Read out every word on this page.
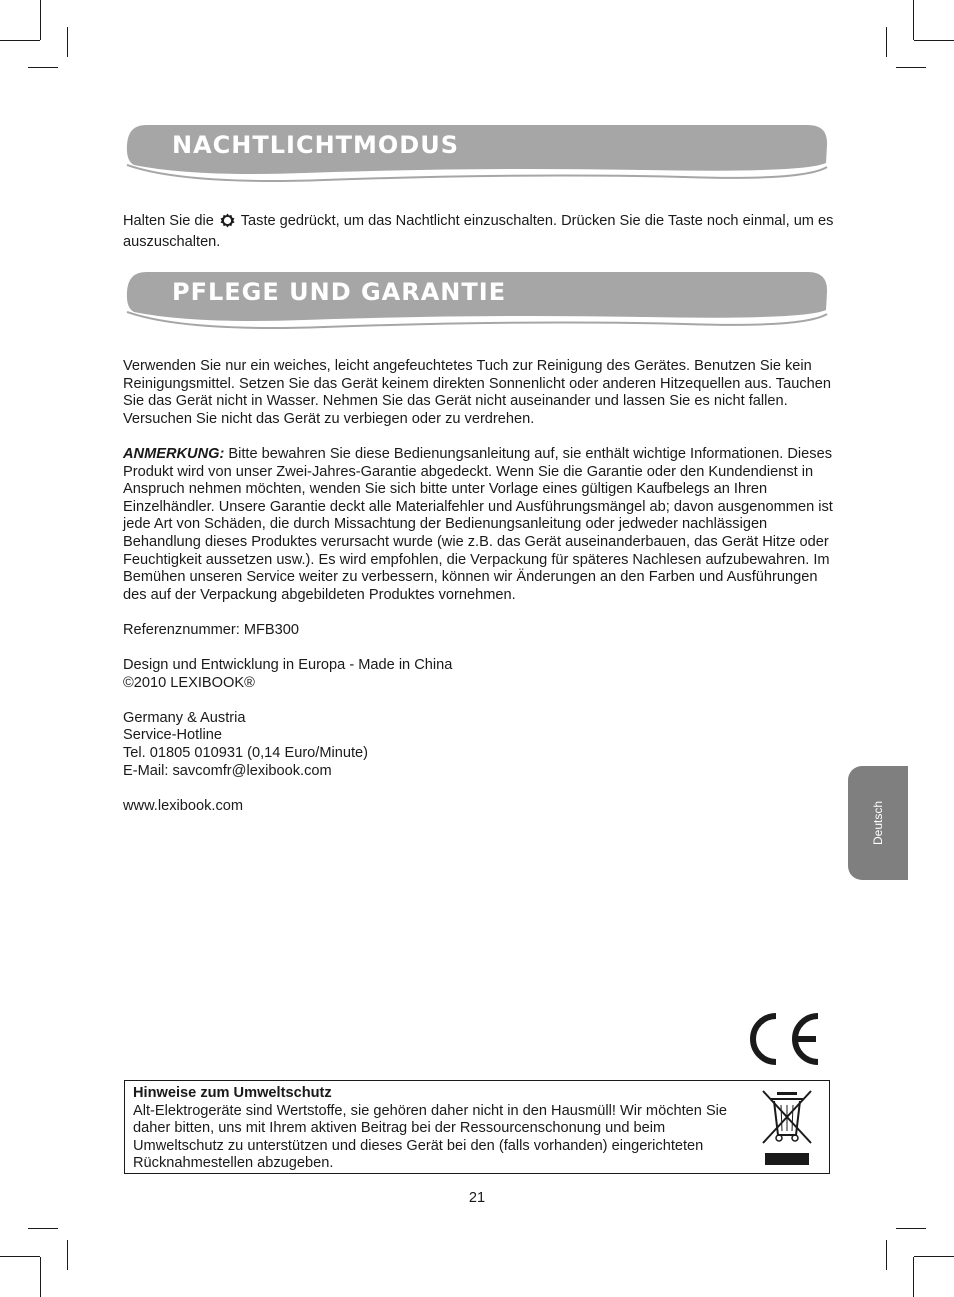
NACHTLICHTMODUS

Halten Sie die Taste gedrückt, um das Nachtlicht einzuschalten. Drücken Sie die Taste noch einmal, um es auszuschalten.

PFLEGE UND GARANTIE

Verwenden Sie nur ein weiches, leicht angefeuchtetes Tuch zur Reinigung des Gerätes. Benutzen Sie kein Reinigungsmittel. Setzen Sie das Gerät keinem direkten Sonnenlicht oder anderen Hitzequellen aus. Tauchen Sie das Gerät nicht in Wasser. Nehmen Sie das Gerät nicht auseinander und lassen Sie es nicht fallen. Versuchen Sie nicht das Gerät zu verbiegen oder zu verdrehen.

ANMERKUNG: Bitte bewahren Sie diese Bedienungsanleitung auf, sie enthält wichtige Informationen. Dieses Produkt wird von unser Zwei-Jahres-Garantie abgedeckt. Wenn Sie die Garantie oder den Kundendienst in Anspruch nehmen möchten, wenden Sie sich bitte unter Vorlage eines gültigen Kaufbelegs an Ihren Einzelhändler. Unsere Garantie deckt alle Materialfehler und Ausführungsmängel ab; davon ausgenommen ist jede Art von Schäden, die durch Missachtung der Bedienungsanleitung oder jedweder nachlässigen Behandlung dieses Produktes verursacht wurde (wie z.B. das Gerät auseinanderbauen, das Gerät Hitze oder Feuchtigkeit aussetzen usw.). Es wird empfohlen, die Verpackung für späteres Nachlesen aufzubewahren. Im Bemühen unseren Service weiter zu verbessern, können wir Änderungen an den Farben und Ausführungen des auf der Verpackung abgebildeten Produktes vornehmen.

Referenznummer: MFB300

Design und Entwicklung in Europa - Made in China

©2010 LEXIBOOK®

Germany & Austria

Service-Hotline

Tel. 01805 010931 (0,14 Euro/Minute)

E-Mail: savcomfr@lexibook.com

www.lexibook.com	Deutsch

Hinweise zum Umweltschutz

Alt-Elektrogeräte sind Wertstoffe, sie gehören daher nicht in den Hausmüll! Wir möchten Sie daher bitten, uns mit Ihrem aktiven Beitrag bei der Ressourcenschonung und beim Umweltschutz zu unterstützen und dieses Gerät bei den (falls vorhanden) eingerichteten Rücknahmestellen abzugeben.

21
